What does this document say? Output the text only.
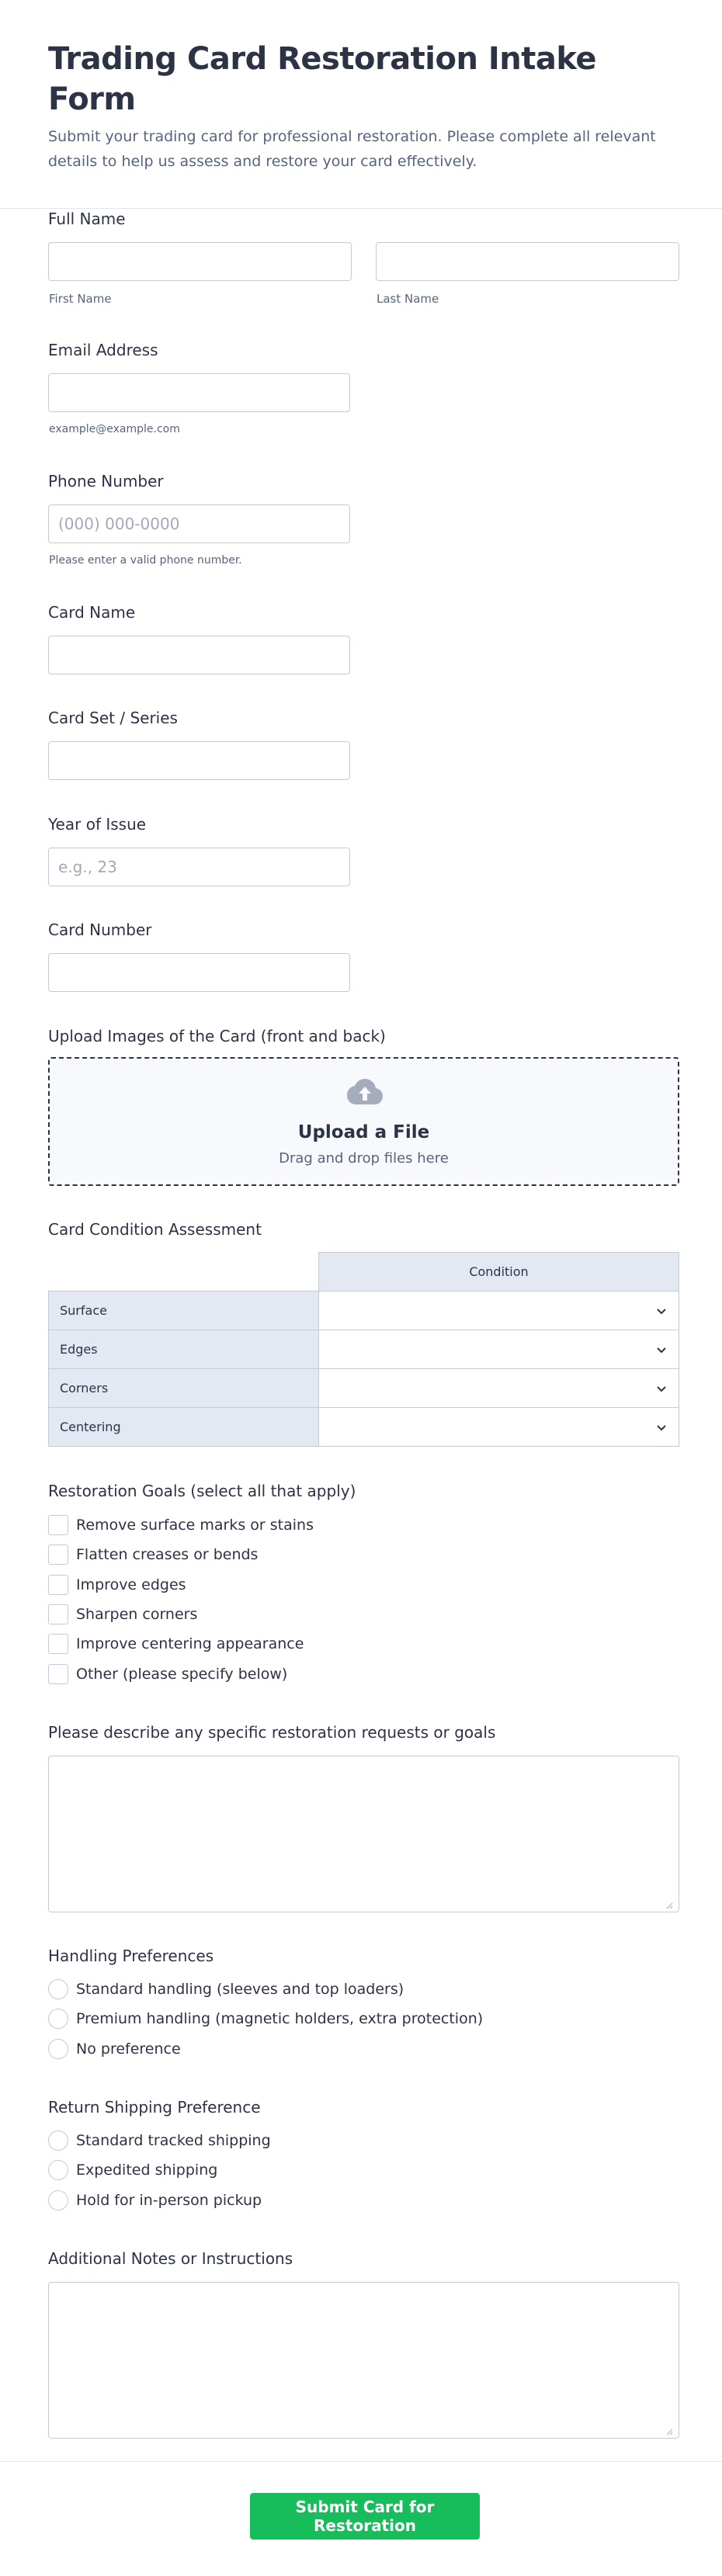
Trading Card Restoration Intake Form

Submit your trading card for professional restoration. Please complete all relevant details to help us assess and restore your card effectively.

Full Name
First Name	Last Name
Email Address
example@example.com
Phone Number
(000) 000-0000
Please enter a valid phone number.
Card Name
Card Set / Series
Year of Issue
e.g., 23
Card Number
Upload Images of the Card (front and back)
Upload a File
Drag and drop files here
Card Condition Assessment
	Condition
Surface	

Edges	

Corners	

Centering	
Restoration Goals (select all that apply)
Remove surface marks or stains
Flatten creases or bends
Improve edges
Sharpen corners
Improve centering appearance
Other (please specify below)
Please describe any specific restoration requests or goals
Handling Preferences
Standard handling (sleeves and top loaders)
Premium handling (magnetic holders, extra protection)
No preference
Return Shipping Preference
Standard tracked shipping
Expedited shipping
Hold for in-person pickup
Additional Notes or Instructions
Submit Card for Restoration
